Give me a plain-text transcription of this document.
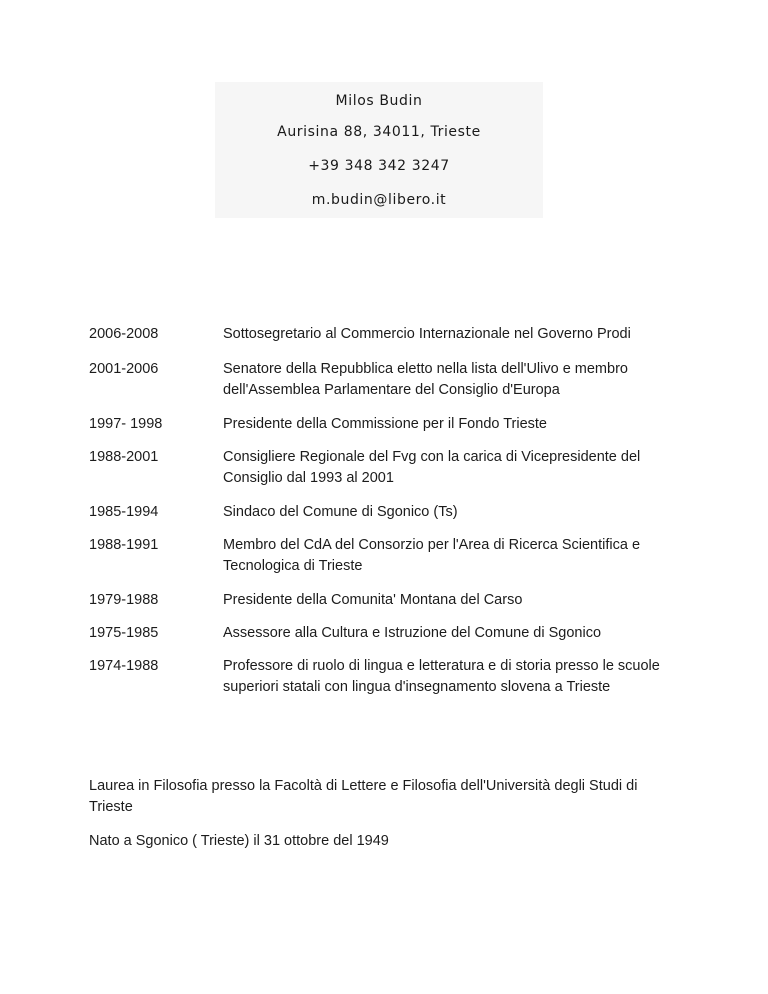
Milos Budin
Aurisina 88, 34011, Trieste
+39 348 342 3247
m.budin@libero.it
2006-2008	Sottosegretario al Commercio Internazionale nel Governo Prodi
2001-2006	Senatore della Repubblica eletto nella lista dell'Ulivo e membro dell'Assemblea Parlamentare del Consiglio d'Europa
1997- 1998	Presidente della Commissione per il Fondo Trieste
1988-2001	Consigliere Regionale del Fvg con la carica di Vicepresidente del Consiglio dal 1993 al 2001
1985-1994	Sindaco del Comune di Sgonico (Ts)
1988-1991	Membro del CdA del Consorzio per l'Area di Ricerca Scientifica e Tecnologica di Trieste
1979-1988	Presidente della Comunita' Montana del Carso
1975-1985	Assessore alla Cultura e Istruzione del Comune di Sgonico
1974-1988	Professore di ruolo di lingua e letteratura e di storia presso le scuole superiori statali con lingua d'insegnamento slovena a Trieste
Laurea in Filosofia presso la Facoltà di Lettere e Filosofia dell'Università degli Studi di Trieste
Nato a Sgonico ( Trieste) il 31 ottobre del 1949
